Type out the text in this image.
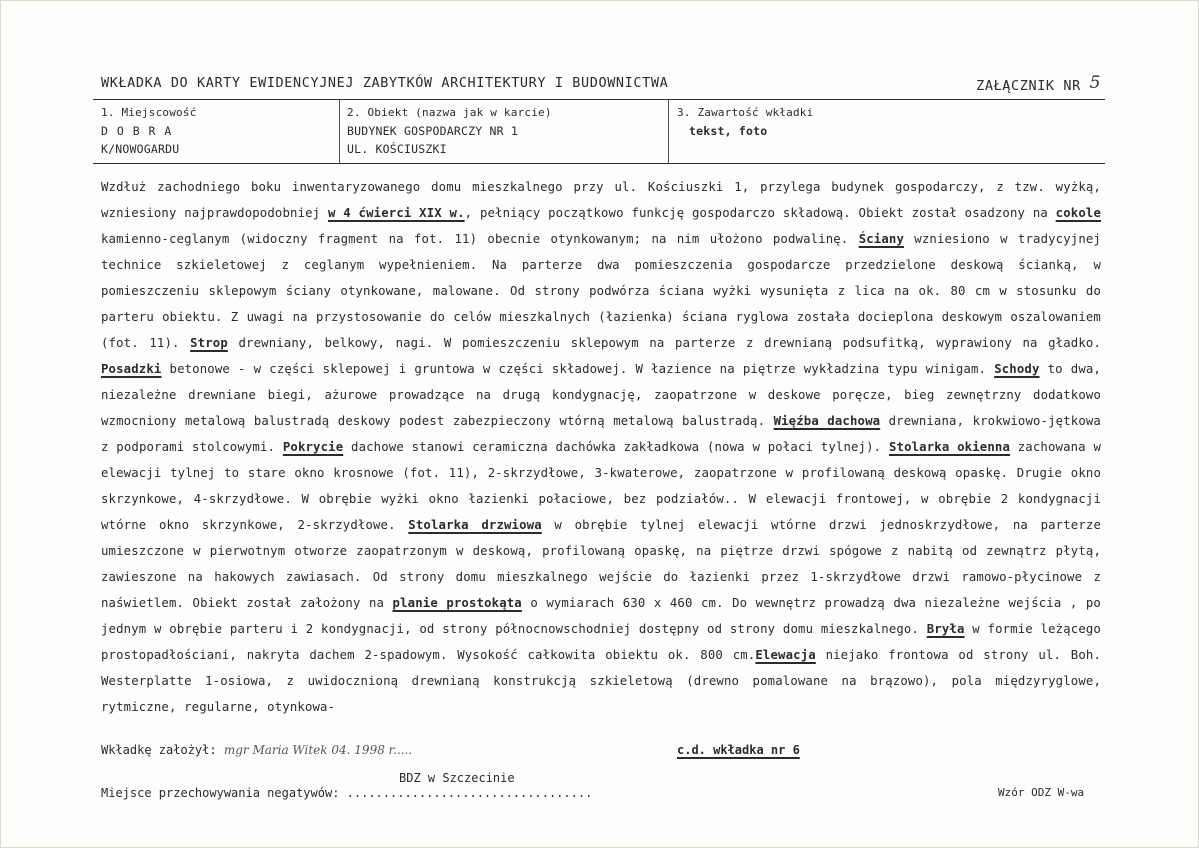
WKŁADKA DO KARTY EWIDENCYJNEJ ZABYTKÓW ARCHITEKTURY I BUDOWNICTWA	ZAŁĄCZNIK NR 5
1. Miejscowość
D O B R A
K/NOWOGARDU
2. Obiekt (nazwa jak w karcie)
BUDYNEK GOSPODARCZY NR 1
UL. KOŚCIUSZKI
3. Zawartość wkładki
tekst, foto
Wzdłuż zachodniego boku inwentaryzowanego domu mieszkalnego przy ul. Kościuszki 1, przylega budynek gospodarczy, z tzw. wyżką, wzniesiony najprawdopodobniej w 4 ćwierci XIX w., pełniący początkowo funkcję gospodarczo składową. Obiekt został osadzony na cokole kamienno-ceglanym (widoczny fragment na fot. 11) obecnie otynkowanym; na nim ułożono podwalinę. Ściany wzniesiono w tradycyjnej technice szkieletowej z ceglanym wypełnieniem. Na parterze dwa pomieszczenia gospodarcze przedzielone deskową ścianką, w pomieszczeniu sklepowym ściany otynkowane, malowane. Od strony podwórza ściana wyżki wysunięta z lica na ok. 80 cm w stosunku do parteru obiektu. Z uwagi na przystosowanie do celów mieszkalnych (łazienka) ściana ryglowa została docieplona deskowym oszalowaniem (fot. 11). Strop drewniany, belkowy, nagi. W pomieszczeniu sklepowym na parterze z drewnianą podsufitką, wyprawiony na gładko. Posadzki betonowe - w części sklepowej i gruntowa w części składowej. W łazience na piętrze wykładzina typu winigam. Schody to dwa, niezależne drewniane biegi, ażurowe prowadzące na drugą kondygnację, zaopatrzone w deskowe poręcze, bieg zewnętrzny dodatkowo wzmocniony metalową balustradą deskowy podest zabezpieczony wtórną metalową balustradą. Więźba dachowa drewniana, krokwiowo-jętkowa z podporami stolcowymi. Pokrycie dachowe stanowi ceramiczna dachówka zakładkowa (nowa w połaci tylnej). Stolarka okienna zachowana w elewacji tylnej to stare okno krosnowe (fot. 11), 2-skrzydłowe, 3-kwaterowe, zaopatrzone w profilowaną deskową opaskę. Drugie okno skrzynkowe, 4-skrzydłowe. W obrębie wyżki okno łazienki połaciowe, bez podziałów.. W elewacji frontowej, w obrębie 2 kondygnacji wtórne okno skrzynkowe, 2-skrzydłowe. Stolarka drzwiowa w obrębie tylnej elewacji wtórne drzwi jednoskrzydłowe, na parterze umieszczone w pierwotnym otworze zaopatrzonym w deskową, profilowaną opaskę, na piętrze drzwi spógowe z nabitą od zewnątrz płytą, zawieszone na hakowych zawiasach. Od strony domu mieszkalnego wejście do łazienki przez 1-skrzydłowe drzwi ramowo-płycinowe z naświetlem. Obiekt został założony na planie prostokąta o wymiarach 630 x 460 cm. Do wewnętrz prowadzą dwa niezależne wejścia , po jednym w obrębie parteru i 2 kondygnacji, od strony północnowschodniej dostępny od strony domu mieszkalnego. Bryła w formie leżącego prostopadłościani, nakryta dachem 2-spadowym. Wysokość całkowita obiektu ok. 800 cm.Elewacja niejako frontowa od strony ul. Boh. Westerplatte 1-osiowa, z uwidocznioną drewnianą konstrukcją szkieletową (drewno pomalowane na brązowo), pola międzyryglowe, rytmiczne, regularne, otynkowa-
Wkładkę założył: mgr Maria Witek 04. 1998 r.....	c.d. wkładka nr 6
BDZ w Szczecinie
Miejsce przechowywania negatywów: ..................................	Wzór ODZ W-wa
